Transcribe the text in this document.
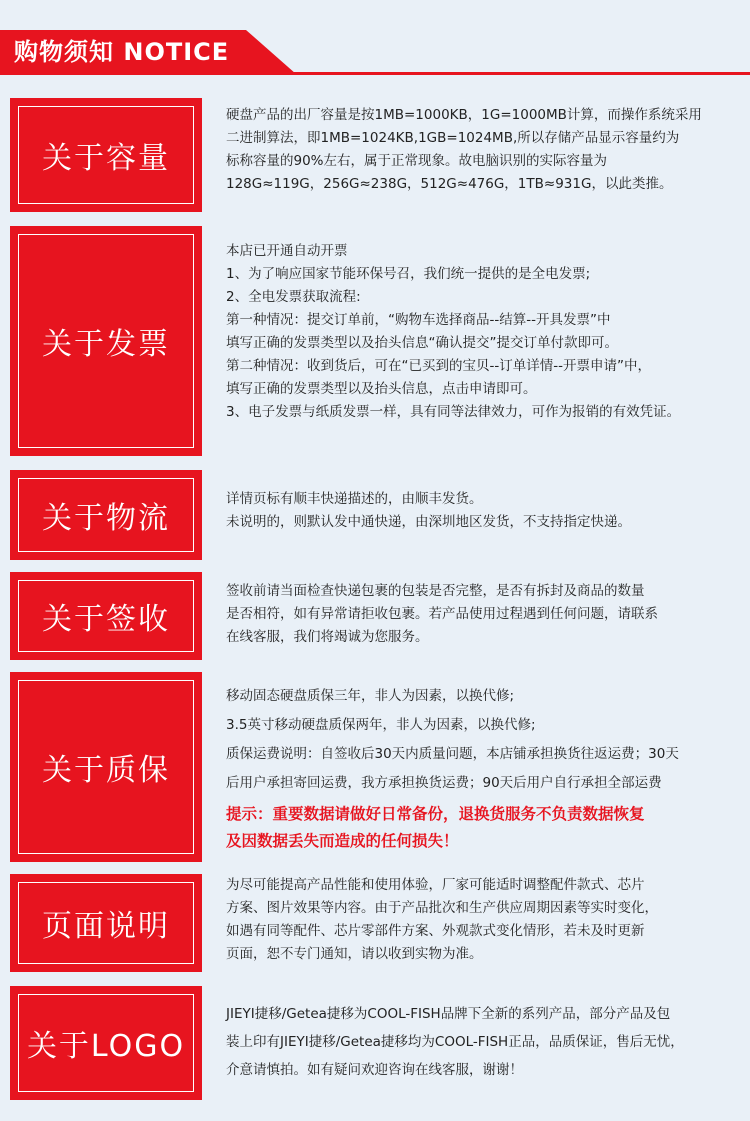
购物须知 NOTICE
关于容量

硬盘产品的出厂容量是按1MB=1000KB，1G=1000MB计算，而操作系统采用

二进制算法，即1MB=1024KB,1GB=1024MB,所以存储产品显示容量约为

标称容量的90%左右，属于正常现象。故电脑识别的实际容量为

128G≈119G，256G≈238G，512G≈476G，1TB≈931G，以此类推。

关于发票

本店已开通自动开票

1、为了响应国家节能环保号召，我们统一提供的是全电发票;

2、全电发票获取流程:

第一种情况：提交订单前，“购物车选择商品--结算--开具发票”中

填写正确的发票类型以及抬头信息“确认提交”提交订单付款即可。

第二种情况：收到货后，可在“已买到的宝贝--订单详情--开票申请”中，

填写正确的发票类型以及抬头信息，点击申请即可。

3、电子发票与纸质发票一样，具有同等法律效力，可作为报销的有效凭证。

关于物流

详情页标有顺丰快递描述的，由顺丰发货。

未说明的，则默认发中通快递，由深圳地区发货，不支持指定快递。

关于签收

签收前请当面检查快递包裹的包装是否完整，是否有拆封及商品的数量

是否相符，如有异常请拒收包裹。若产品使用过程遇到任何问题，请联系

在线客服，我们将竭诚为您服务。

关于质保

移动固态硬盘质保三年，非人为因素，以换代修;

3.5英寸移动硬盘质保两年，非人为因素，以换代修;

质保运费说明：自签收后30天内质量问题，本店铺承担换货往返运费；30天

后用户承担寄回运费，我方承担换货运费；90天后用户自行承担全部运费

提示：重要数据请做好日常备份，退换货服务不负责数据恢复

及因数据丢失而造成的任何损失！

页面说明

为尽可能提高产品性能和使用体验，厂家可能适时调整配件款式、芯片

方案、图片效果等内容。由于产品批次和生产供应周期因素等实时变化，

如遇有同等配件、芯片零部件方案、外观款式变化情形，若未及时更新

页面，恕不专门通知，请以收到实物为准。

关于LOGO

JIEYI捷移/Getea捷移为COOL-FISH品牌下全新的系列产品，部分产品及包

装上印有JIEYI捷移/Getea捷移均为COOL-FISH正品，品质保证，售后无忧，

介意请慎拍。如有疑问欢迎咨询在线客服，谢谢！
